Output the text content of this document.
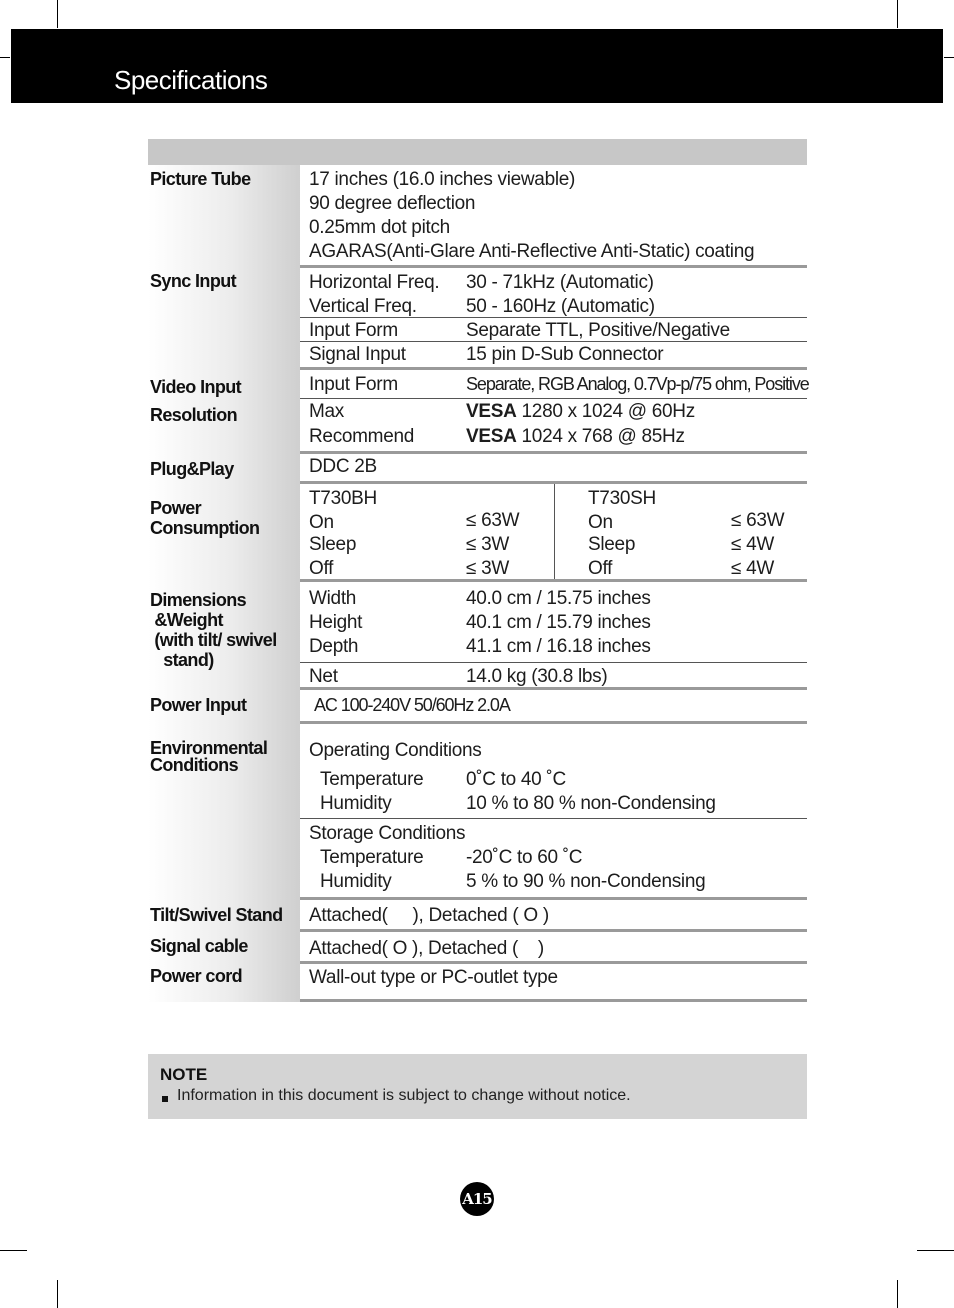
Specifications
Picture Tube	17 inches (16.0 inches viewable)
90 degree deflection
0.25mm dot pitch
AGARAS(Anti-Glare Anti-Reflective Anti-Static) coating
Sync Input	Horizontal Freq. 30 - 71kHz (Automatic)
Vertical Freq.	50 - 160Hz (Automatic)
Input Form	Separate TTL, Positive/Negative
Signal Input	15 pin D-Sub Connector
Video Input	Input Form	Separate, RGB Analog, 0.7Vp-p/75 ohm, Positive
Resolution	Max	VESA 1280 x 1024 @ 60Hz
Recommend	VESA 1024 x 768 @ 85Hz
Plug&Play	DDC 2B
Power
Consumption
T730BH
On	≤ 63W
Sleep	≤ 3W
Off	≤ 3W
T730SH
On	≤ 63W
Sleep	≤ 4W
Off	≤ 4W
Dimensions
&Weight
(with tilt/ swivel
stand)
Width	40.0 cm / 15.75 inches
Height	40.1 cm / 15.79 inches
Depth	41.1 cm / 16.18 inches
Net	14.0 kg (30.8 lbs)
Power Input	AC 100-240V 50/60Hz 2.0A
Environmental
Conditions
Operating Conditions
Temperature 0˚C to 40 ˚C
Humidity	10 % to 80 % non-Condensing
Storage Conditions
Temperature -20˚C to 60 ˚C
Humidity	5 % to 90 % non-Condensing
Tilt/Swivel Stand Attached(     ), Detached ( O )
Signal cable	Attached( O ), Detached (    )
Power cord	Wall-out type or PC-outlet type
NOTE
Information in this document is subject to change without notice.
A15
